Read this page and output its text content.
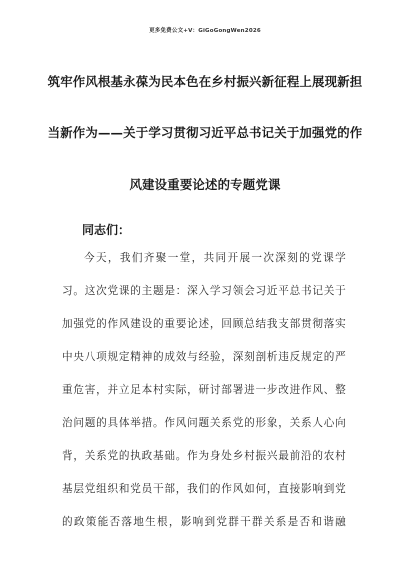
更多免费公文+V：GiGoGongWen2026
筑牢作风根基永葆为民本色在乡村振兴新征程上展现新担
当新作为——关于学习贯彻习近平总书记关于加强党的作
风建设重要论述的专题党课
同志们：
今天，我们齐聚一堂，共同开展一次深刻的党课学
习。这次党课的主题是：深入学习领会习近平总书记关于
加强党的作风建设的重要论述，回顾总结我支部贯彻落实
中央八项规定精神的成效与经验，深刻剖析违反规定的严
重危害，并立足本村实际，研讨部署进一步改进作风、整
治问题的具体举措。作风问题关系党的形象，关系人心向
背，关系党的执政基础。作为身处乡村振兴最前沿的农村
基层党组织和党员干部，我们的作风如何，直接影响到党
的政策能否落地生根，影响到党群干群关系是否和谐融
